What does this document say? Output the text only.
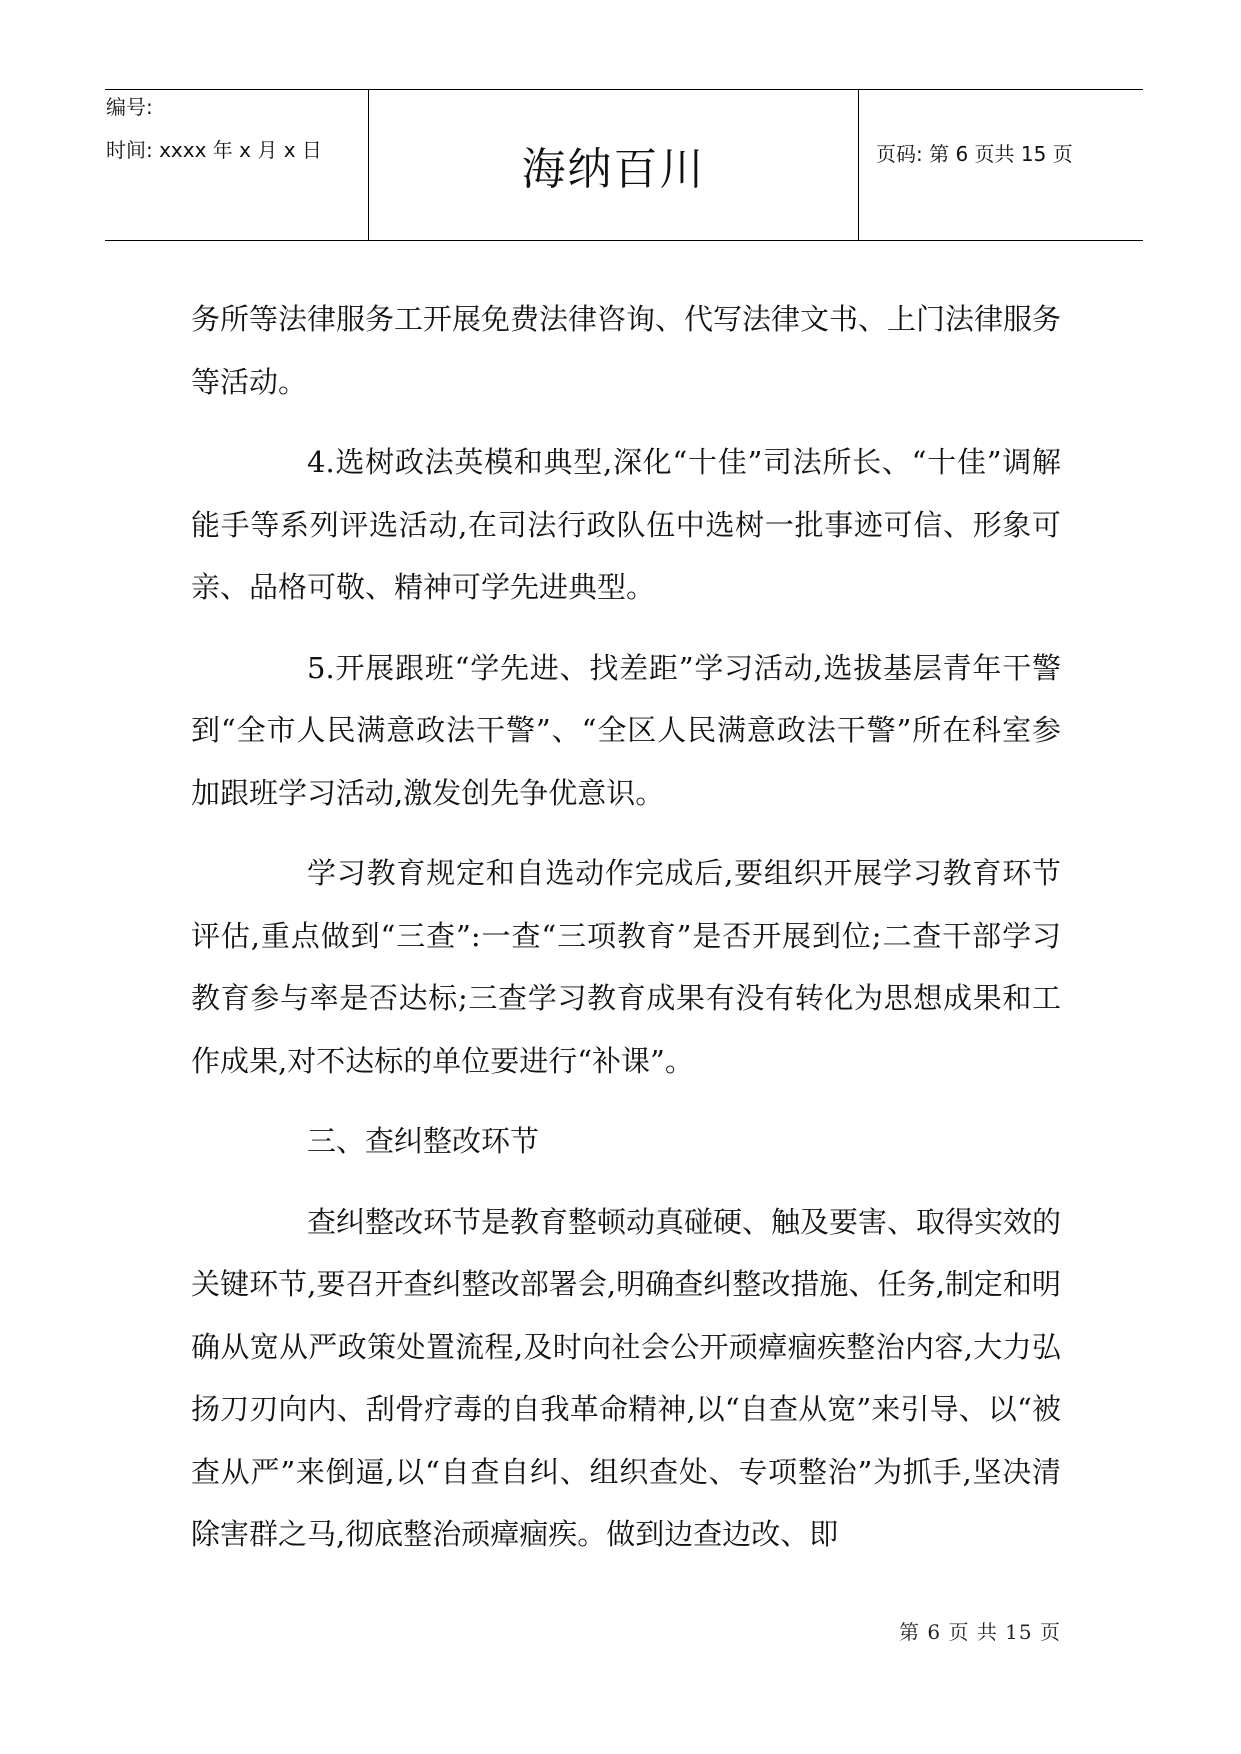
编号:
时间: xxxx 年 x 月 x 日	海纳百川	页码: 第 6 页共 15 页

务所等法律服务工开展免费法律咨询、代写法律文书、上门法律服务等活动。

4.选树政法英模和典型,深化“十佳”司法所长、“十佳”调解能手等系列评选活动,在司法行政队伍中选树一批事迹可信、形象可亲、品格可敬、精神可学先进典型。

5.开展跟班“学先进、找差距”学习活动,选拔基层青年干警到“全市人民满意政法干警”、“全区人民满意政法干警”所在科室参加跟班学习活动,激发创先争优意识。

学习教育规定和自选动作完成后,要组织开展学习教育环节评估,重点做到“三查”:一查“三项教育”是否开展到位;二查干部学习教育参与率是否达标;三查学习教育成果有没有转化为思想成果和工作成果,对不达标的单位要进行“补课”。

三、查纠整改环节

查纠整改环节是教育整顿动真碰硬、触及要害、取得实效的关键环节,要召开查纠整改部署会,明确查纠整改措施、任务,制定和明确从宽从严政策处置流程,及时向社会公开顽瘴痼疾整治内容,大力弘扬刀刃向内、刮骨疗毒的自我革命精神,以“自查从宽”来引导、以“被查从严”来倒逼,以“自查自纠、组织查处、专项整治”为抓手,坚决清除害群之马,彻底整治顽瘴痼疾。做到边查边改、即

第 6 页 共 15 页
